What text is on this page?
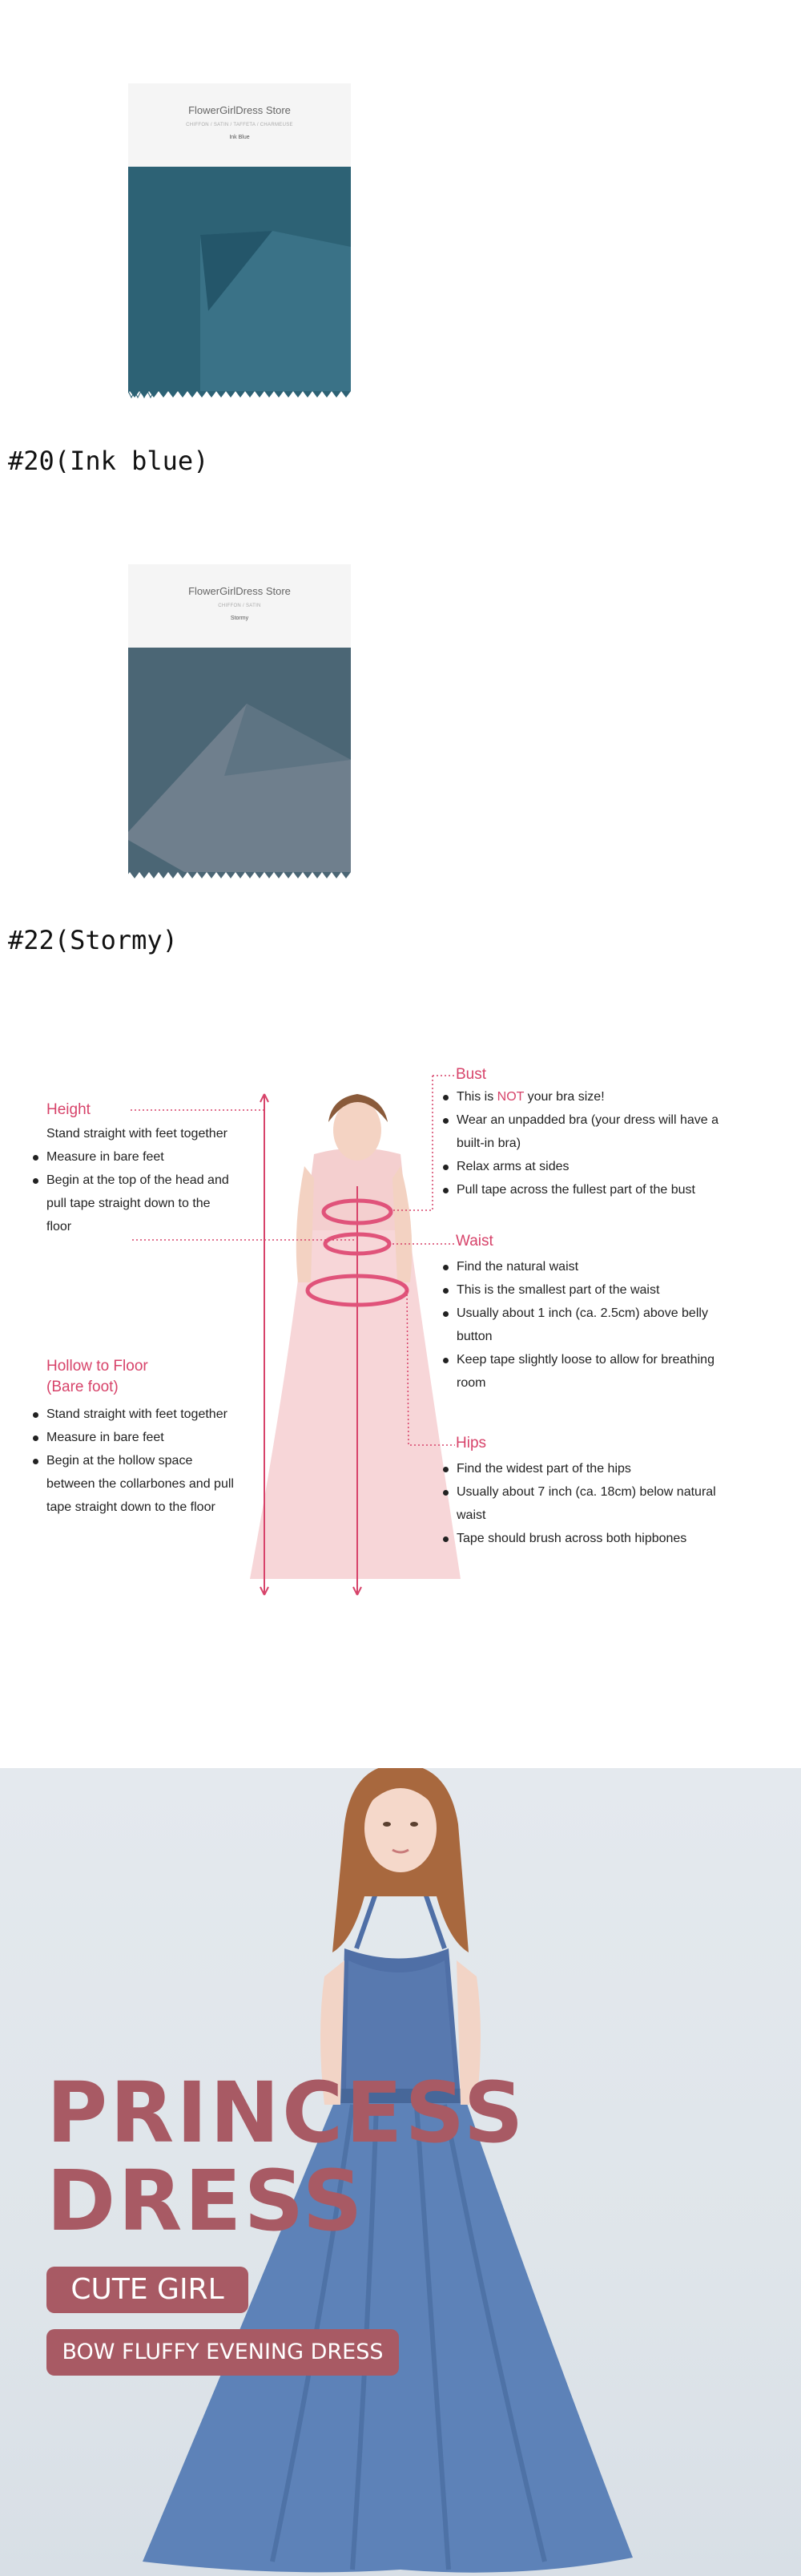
FlowerGirlDress Store
CHIFFON / SATIN / TAFFETA / CHARMEUSE
Ink Blue
#20(Ink blue)
FlowerGirlDress Store
CHIFFON / SATIN
Stormy
#22(Stormy)
Bust
This is NOT your bra size!
Wear an unpadded bra (your dress will have a
built-in bra)
Relax arms at sides
Pull tape across the fullest part of the bust
Height
Stand straight with feet together
Measure in bare feet
Begin at the top of the head and
pull tape straight down to the
floor
Waist
Find the natural waist
This is the smallest part of the waist
Usually about 1 inch (ca. 2.5cm) above belly
button
Keep tape slightly loose to allow for breathing
room
Hollow to Floor
(Bare foot)
Stand straight with feet together
Measure in bare feet
Begin at the hollow space
between the collarbones and pull
tape straight down to the floor
Hips
Find the widest part of the hips
Usually about 7 inch (ca. 18cm) below natural
waist
Tape should brush across both hipbones
PRINCESS
DRESS
CUTE GIRL
BOW FLUFFY EVENING DRESS
